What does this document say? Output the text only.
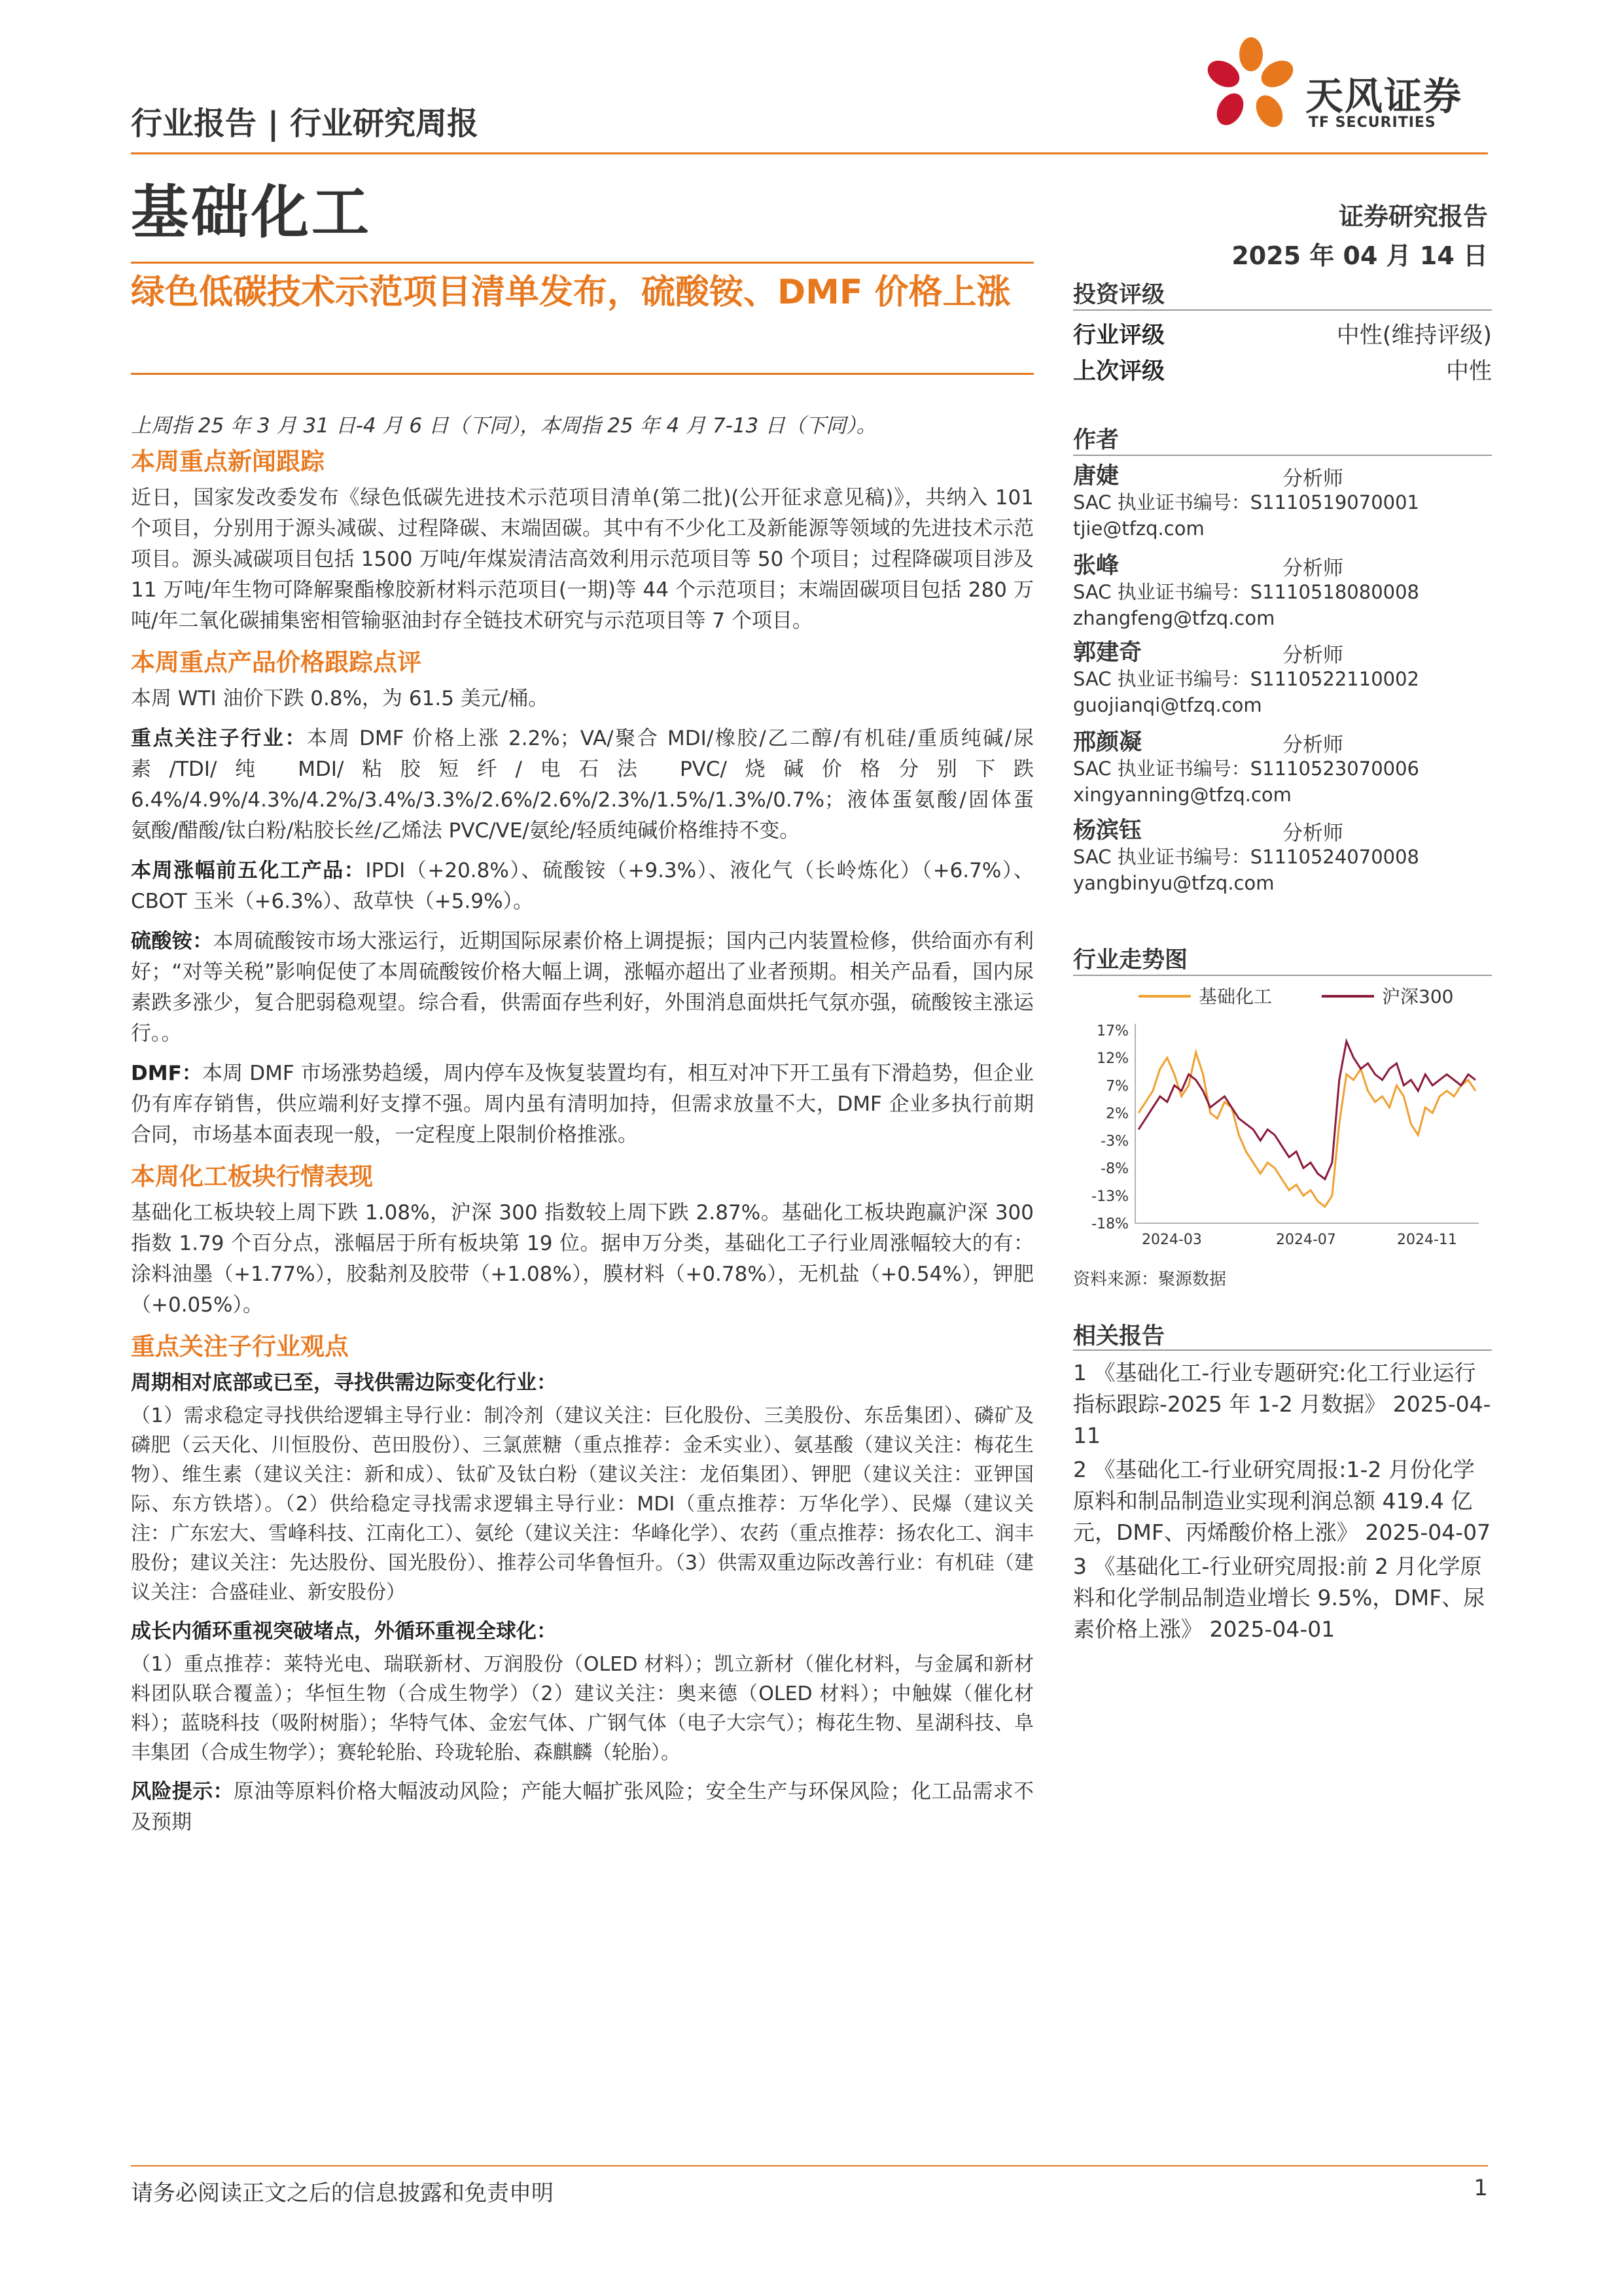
天风证券
TF SECURITIES
行业报告 | 行业研究周报
基础化工	证券研究报告
2025 年 04 月 14 日
绿色低碳技术示范项目清单发布，硫酸铵、DMF 价格上涨
上周指 25 年 3 月 31 日-4 月 6 日（下同），本周指 25 年 4 月 7-13 日（下同）。
本周重点新闻跟踪

近日，国家发改委发布《绿色低碳先进技术示范项目清单(第二批)(公开征求意见稿)》，共纳入 101 个项目，分别用于源头减碳、过程降碳、末端固碳。其中有不少化工及新能源等领域的先进技术示范项目。源头减碳项目包括 1500 万吨/年煤炭清洁高效利用示范项目等 50 个项目；过程降碳项目涉及 11 万吨/年生物可降解聚酯橡胶新材料示范项目(一期)等 44 个示范项目；末端固碳项目包括 280 万吨/年二氧化碳捕集密相管输驱油封存全链技术研究与示范项目等 7 个项目。

本周重点产品价格跟踪点评

本周 WTI 油价下跌 0.8%，为 61.5 美元/桶。

重点关注子行业：本周 DMF 价格上涨 2.2%；VA/聚合 MDI/橡胶/乙二醇/有机硅/重质纯碱/尿素/TDI/纯 MDI/粘胶短纤/电石法 PVC/烧碱价格分别下跌 6.4%/4.9%/4.3%/4.2%/3.4%/3.3%/2.6%/2.6%/2.3%/1.5%/1.3%/0.7%；液体蛋氨酸/固体蛋氨酸/醋酸/钛白粉/粘胶长丝/乙烯法 PVC/VE/氨纶/轻质纯碱价格维持不变。

本周涨幅前五化工产品：IPDI（+20.8%）、硫酸铵（+9.3%）、液化气（长岭炼化）（+6.7%）、CBOT 玉米（+6.3%）、敌草快（+5.9%）。

硫酸铵：本周硫酸铵市场大涨运行，近期国际尿素价格上调提振；国内己内装置检修，供给面亦有利好；“对等关税”影响促使了本周硫酸铵价格大幅上调，涨幅亦超出了业者预期。相关产品看，国内尿素跌多涨少，复合肥弱稳观望。综合看，供需面存些利好，外围消息面烘托气氛亦强，硫酸铵主涨运行。。

DMF：本周 DMF 市场涨势趋缓，周内停车及恢复装置均有，相互对冲下开工虽有下滑趋势，但企业仍有库存销售，供应端利好支撑不强。周内虽有清明加持，但需求放量不大，DMF 企业多执行前期合同，市场基本面表现一般，一定程度上限制价格推涨。

本周化工板块行情表现

基础化工板块较上周下跌 1.08%，沪深 300 指数较上周下跌 2.87%。基础化工板块跑赢沪深 300 指数 1.79 个百分点，涨幅居于所有板块第 19 位。据申万分类，基础化工子行业周涨幅较大的有：涂料油墨（+1.77%），胶黏剂及胶带（+1.08%），膜材料（+0.78%），无机盐（+0.54%），钾肥（+0.05%）。

重点关注子行业观点

周期相对底部或已至，寻找供需边际变化行业：

（1）需求稳定寻找供给逻辑主导行业：制冷剂（建议关注：巨化股份、三美股份、东岳集团）、磷矿及磷肥（云天化、川恒股份、芭田股份）、三氯蔗糖（重点推荐：金禾实业）、氨基酸（建议关注：梅花生物）、维生素（建议关注：新和成）、钛矿及钛白粉（建议关注：龙佰集团）、钾肥（建议关注：亚钾国际、东方铁塔）。（2）供给稳定寻找需求逻辑主导行业：MDI（重点推荐：万华化学）、民爆（建议关注：广东宏大、雪峰科技、江南化工）、氨纶（建议关注：华峰化学）、农药（重点推荐：扬农化工、润丰股份；建议关注：先达股份、国光股份）、推荐公司华鲁恒升。（3）供需双重边际改善行业：有机硅（建议关注：合盛硅业、新安股份）

成长内循环重视突破堵点，外循环重视全球化：

（1）重点推荐：莱特光电、瑞联新材、万润股份（OLED 材料）；凯立新材（催化材料，与金属和新材料团队联合覆盖）；华恒生物（合成生物学）（2）建议关注：奥来德（OLED 材料）；中触媒（催化材料）；蓝晓科技（吸附树脂）；华特气体、金宏气体、广钢气体（电子大宗气）；梅花生物、星湖科技、阜丰集团（合成生物学）；赛轮轮胎、玲珑轮胎、森麒麟（轮胎）。

风险提示：原油等原料价格大幅波动风险；产能大幅扩张风险；安全生产与环保风险；化工品需求不及预期

投资评级
行业评级	中性(维持评级)
上次评级	中性
作者
唐婕	分析师
SAC 执业证书编号：S1110519070001
tjie@tfzq.com
张峰	分析师
SAC 执业证书编号：S1110518080008
zhangfeng@tfzq.com
郭建奇	分析师
SAC 执业证书编号：S1110522110002
guojianqi@tfzq.com
邢颜凝	分析师
SAC 执业证书编号：S1110523070006
xingyanning@tfzq.com
杨滨钰	分析师
SAC 执业证书编号：S1110524070008
yangbinyu@tfzq.com
行业走势图
基础化工	沪深300
17%
12%
7%
2%
-3%
-8%
-13%
-18%
2024-03	2024-07	2024-11
资料来源：聚源数据
相关报告

1 《基础化工-行业专题研究:化工行业运行指标跟踪-2025 年 1-2 月数据》 2025-04-11

2 《基础化工-行业研究周报:1-2 月份化学原料和制品制造业实现利润总额 419.4 亿元，DMF、丙烯酸价格上涨》 2025-04-07

3 《基础化工-行业研究周报:前 2 月化学原料和化学制品制造业增长 9.5%，DMF、尿素价格上涨》 2025-04-01

请务必阅读正文之后的信息披露和免责申明	1
